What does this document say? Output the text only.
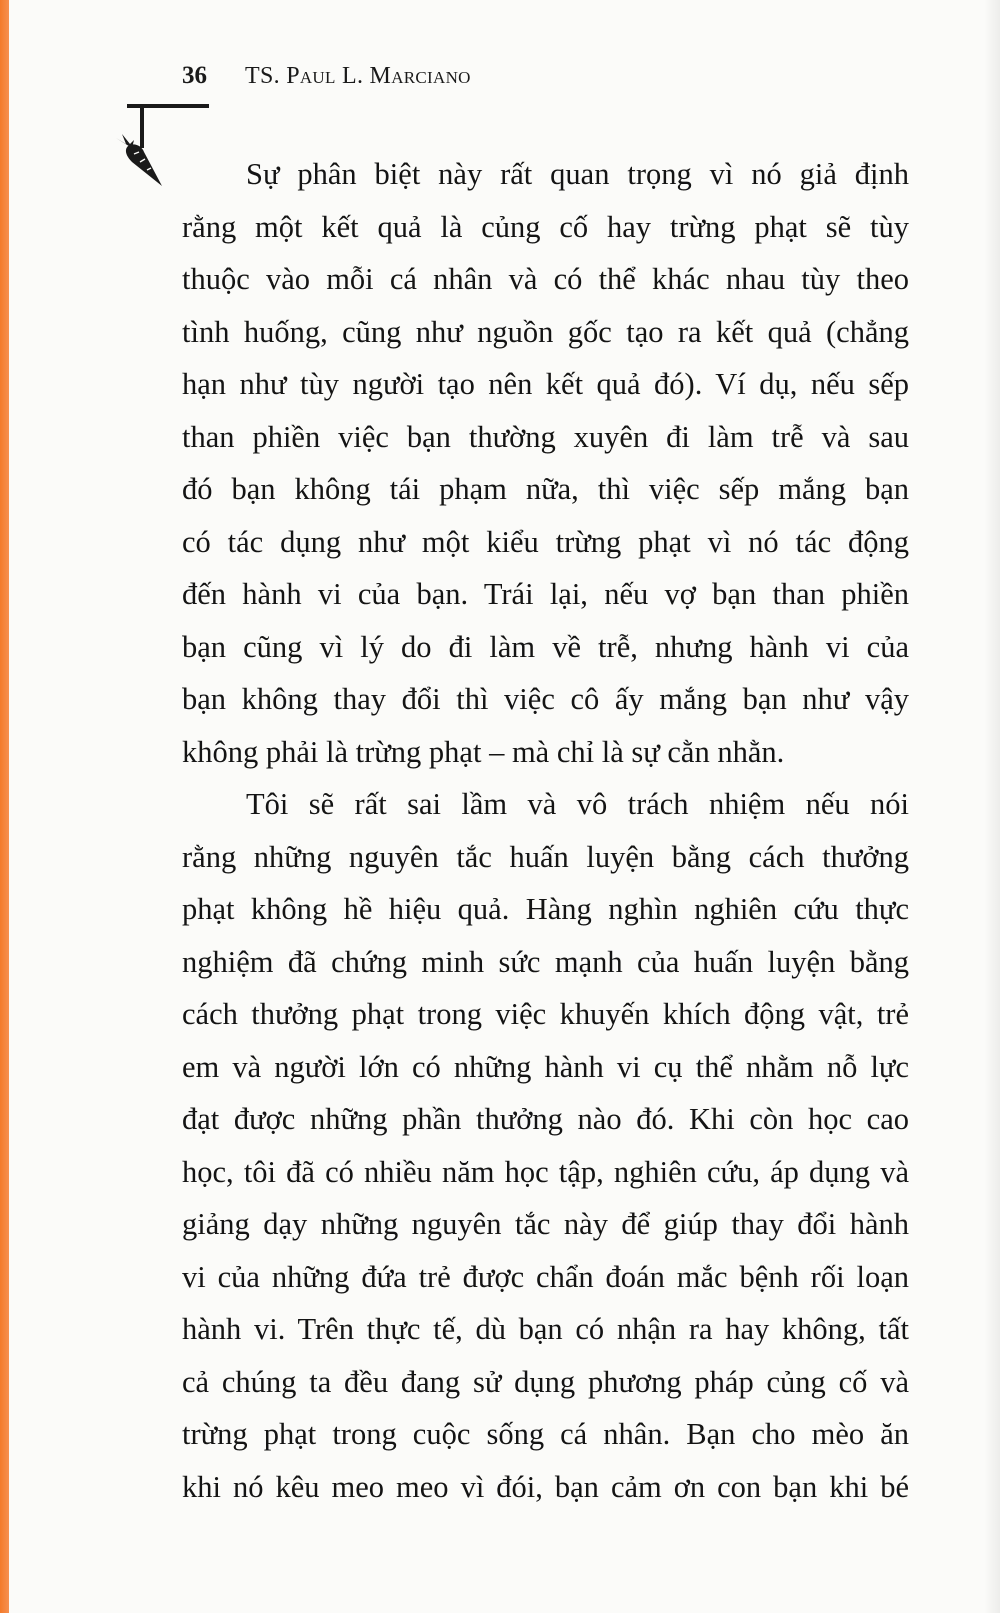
36 TS. Paul L. Marciano
Sự phân biệt này rất quan trọng vì nó giả định
rằng một kết quả là củng cố hay trừng phạt sẽ tùy
thuộc vào mỗi cá nhân và có thể khác nhau tùy theo
tình huống, cũng như nguồn gốc tạo ra kết quả (chẳng
hạn như tùy người tạo nên kết quả đó). Ví dụ, nếu sếp
than phiền việc bạn thường xuyên đi làm trễ và sau
đó bạn không tái phạm nữa, thì việc sếp mắng bạn
có tác dụng như một kiểu trừng phạt vì nó tác động
đến hành vi của bạn. Trái lại, nếu vợ bạn than phiền
bạn cũng vì lý do đi làm về trễ, nhưng hành vi của
bạn không thay đổi thì việc cô ấy mắng bạn như vậy
không phải là trừng phạt – mà chỉ là sự cằn nhằn.
Tôi sẽ rất sai lầm và vô trách nhiệm nếu nói
rằng những nguyên tắc huấn luyện bằng cách thưởng
phạt không hề hiệu quả. Hàng nghìn nghiên cứu thực
nghiệm đã chứng minh sức mạnh của huấn luyện bằng
cách thưởng phạt trong việc khuyến khích động vật, trẻ
em và người lớn có những hành vi cụ thể nhằm nỗ lực
đạt được những phần thưởng nào đó. Khi còn học cao
học, tôi đã có nhiều năm học tập, nghiên cứu, áp dụng và
giảng dạy những nguyên tắc này để giúp thay đổi hành
vi của những đứa trẻ được chẩn đoán mắc bệnh rối loạn
hành vi. Trên thực tế, dù bạn có nhận ra hay không, tất
cả chúng ta đều đang sử dụng phương pháp củng cố và
trừng phạt trong cuộc sống cá nhân. Bạn cho mèo ăn
khi nó kêu meo meo vì đói, bạn cảm ơn con bạn khi bé
